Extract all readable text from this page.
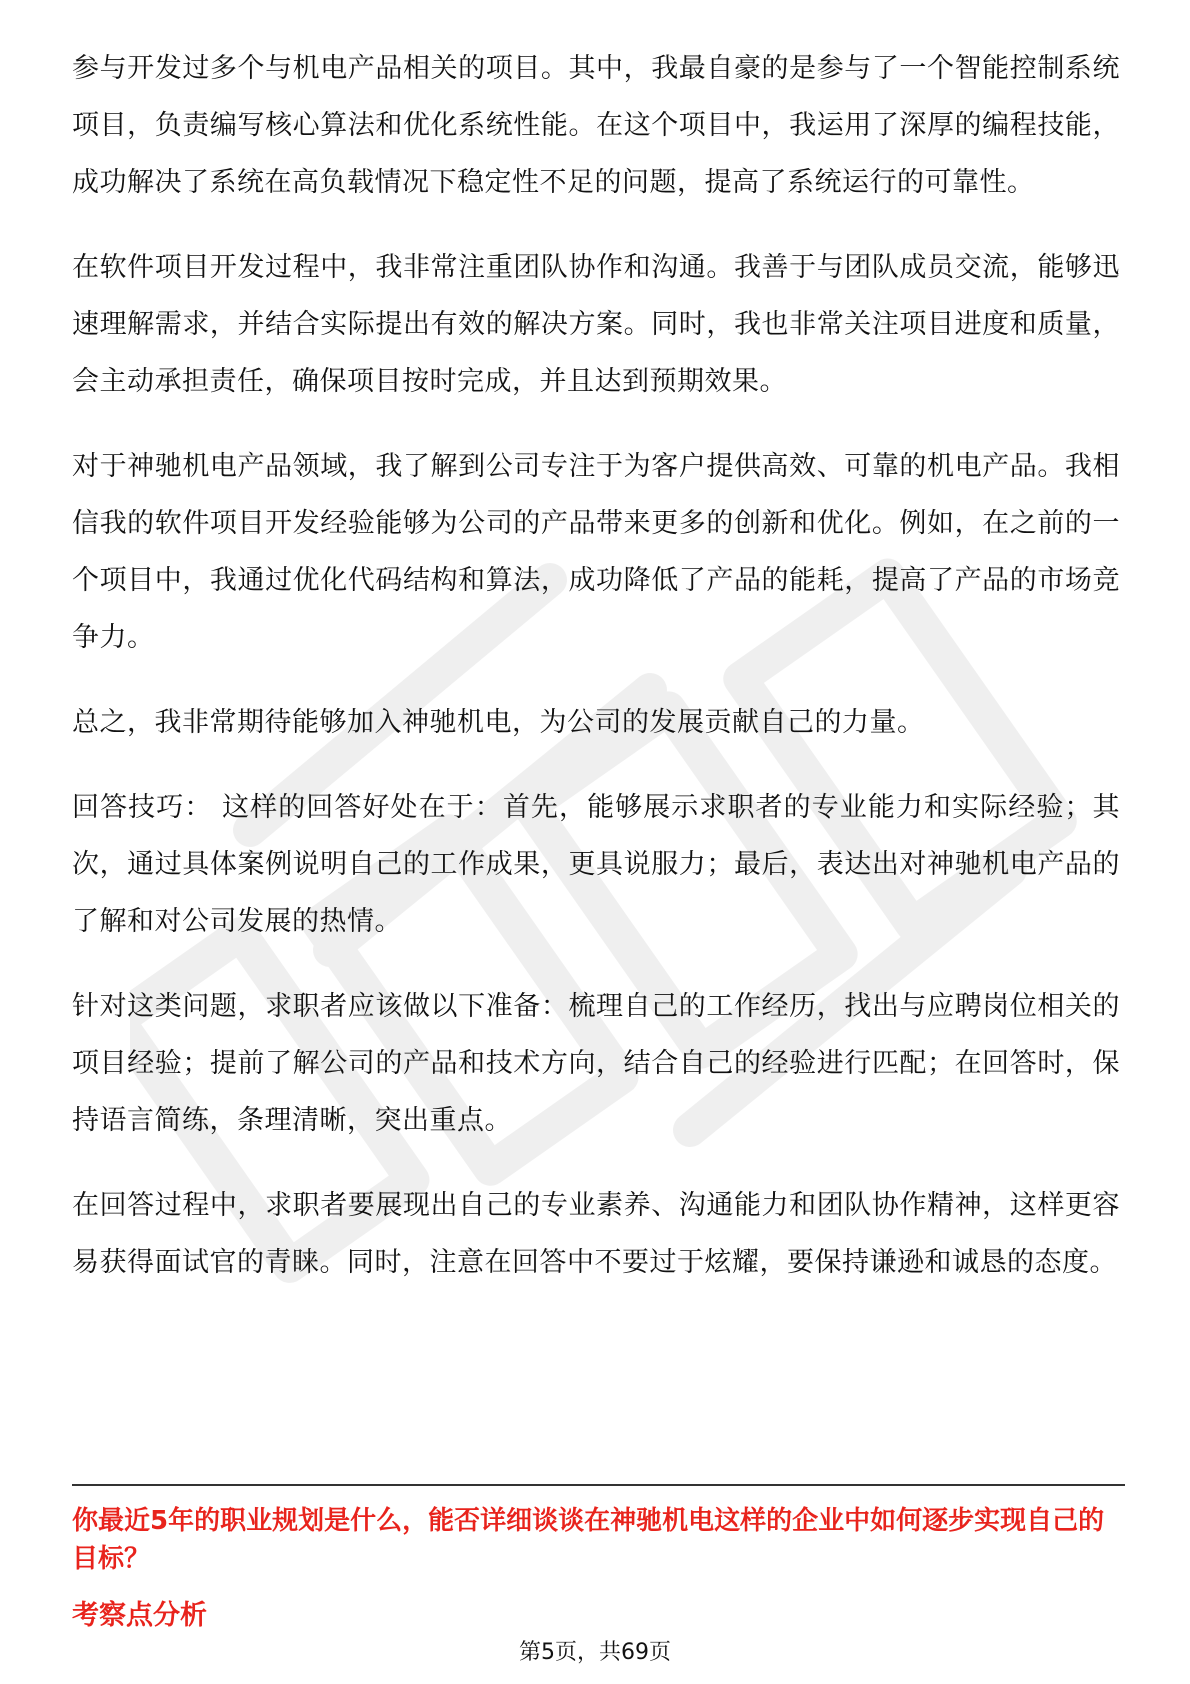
参与开发过多个与机电产品相关的项目。其中，我最自豪的是参与了一个智能控制系统项目，负责编写核心算法和优化系统性能。在这个项目中，我运用了深厚的编程技能，成功解决了系统在高负载情况下稳定性不足的问题，提高了系统运行的可靠性。

在软件项目开发过程中，我非常注重团队协作和沟通。我善于与团队成员交流，能够迅速理解需求，并结合实际提出有效的解决方案。同时，我也非常关注项目进度和质量，会主动承担责任，确保项目按时完成，并且达到预期效果。

对于神驰机电产品领域，我了解到公司专注于为客户提供高效、可靠的机电产品。我相信我的软件项目开发经验能够为公司的产品带来更多的创新和优化。例如，在之前的一个项目中，我通过优化代码结构和算法，成功降低了产品的能耗，提高了产品的市场竞争力。

总之，我非常期待能够加入神驰机电，为公司的发展贡献自己的力量。

回答技巧： 这样的回答好处在于：首先，能够展示求职者的专业能力和实际经验；其次，通过具体案例说明自己的工作成果，更具说服力；最后，表达出对神驰机电产品的了解和对公司发展的热情。

针对这类问题，求职者应该做以下准备：梳理自己的工作经历，找出与应聘岗位相关的项目经验；提前了解公司的产品和技术方向，结合自己的经验进行匹配；在回答时，保持语言简练，条理清晰，突出重点。

在回答过程中，求职者要展现出自己的专业素养、沟通能力和团队协作精神，这样更容易获得面试官的青睐。同时，注意在回答中不要过于炫耀，要保持谦逊和诚恳的态度。

你最近5年的职业规划是什么，能否详细谈谈在神驰机电这样的企业中如何逐步实现自己的目标？
考察点分析
第5页，共69页
